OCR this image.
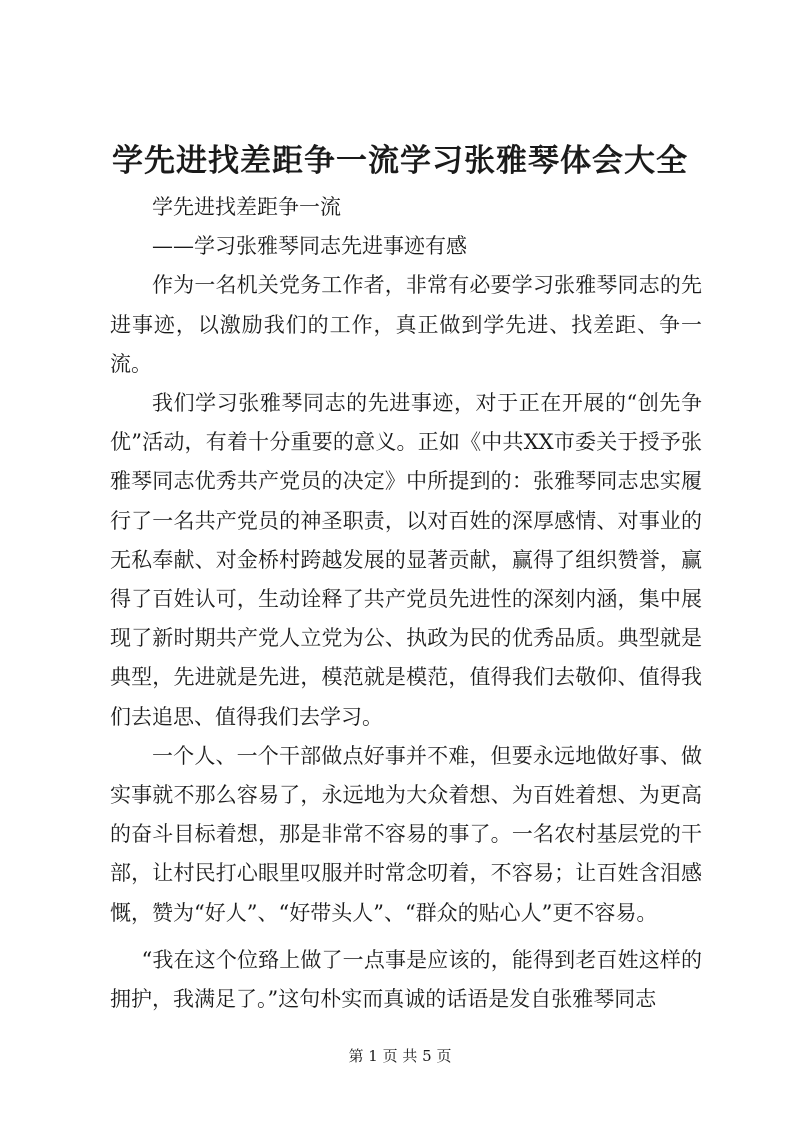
学先进找差距争一流学习张雅琴体会大全

学先进找差距争一流

——学习张雅琴同志先进事迹有感

作为一名机关党务工作者，非常有必要学习张雅琴同志的先进事迹，以激励我们的工作，真正做到学先进、找差距、争一流。

我们学习张雅琴同志的先进事迹，对于正在开展的“创先争优”活动，有着十分重要的意义。正如《中共XX市委关于授予张雅琴同志优秀共产党员的决定》中所提到的：张雅琴同志忠实履行了一名共产党员的神圣职责，以对百姓的深厚感情、对事业的无私奉献、对金桥村跨越发展的显著贡献，赢得了组织赞誉，赢得了百姓认可，生动诠释了共产党员先进性的深刻内涵，集中展现了新时期共产党人立党为公、执政为民的优秀品质。典型就是典型，先进就是先进，模范就是模范，值得我们去敬仰、值得我们去追思、值得我们去学习。

一个人、一个干部做点好事并不难，但要永远地做好事、做实事就不那么容易了，永远地为大众着想、为百姓着想、为更高的奋斗目标着想，那是非常不容易的事了。一名农村基层党的干部，让村民打心眼里叹服并时常念叨着，不容易；让百姓含泪感慨，赞为“好人”、“好带头人”、“群众的贴心人”更不容易。

“我在这个位臵上做了一点事是应该的，能得到老百姓这样的拥护，我满足了。”这句朴实而真诚的话语是发自张雅琴同志

第 1 页 共 5 页
